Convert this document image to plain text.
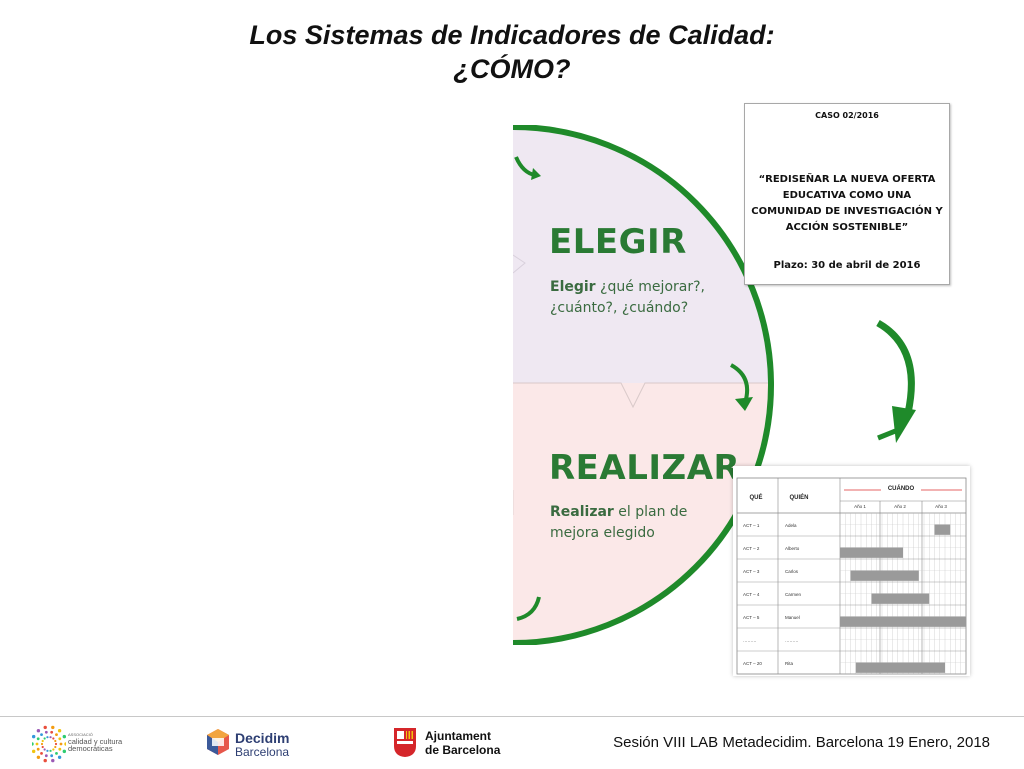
Los Sistemas de Indicadores de Calidad:
¿CÓMO?
ELEGIR
Elegir ¿qué mejorar?, ¿cuánto?, ¿cuándo?
REALIZAR
Realizar el plan de mejora elegido
CASO 02/2016
“REDISEÑAR LA NUEVA OFERTA EDUCATIVA COMO UNA COMUNIDAD DE INVESTIGACIÓN Y ACCIÓN SOSTENIBLE”
Plazo: 30 de abril de 2016
QUÉ	QUIÉN
CUÁNDO
Año 1	Año 2	Año 3
ACT – 1	Adela
ACT – 2	Alberto
ACT – 3	Carlos
ACT – 4	Carmen
ACT – 5	Manuel
………	………
ACT – 20	Rita
ASSOCIACIÓ
calidad y cultura
democráticas
Decidim
Barcelona
Ajuntament
de Barcelona	Sesión VIII LAB Metadecidim. Barcelona 19 Enero, 2018
